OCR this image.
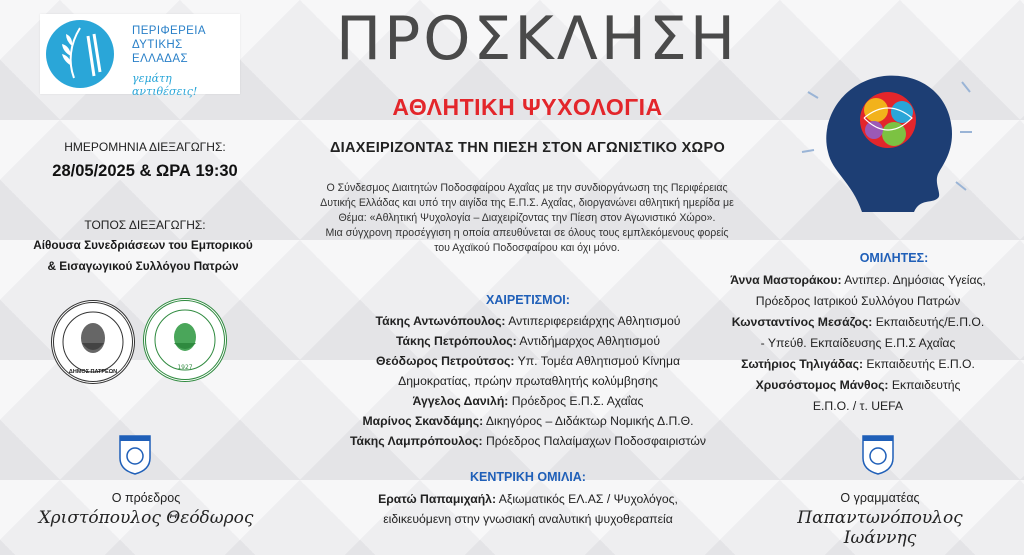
ΠΕΡΙΦΕΡΕΙΑ
ΔΥΤΙΚΗΣ
ΕΛΛΑΔΑΣ
γεμάτη αντιθέσεις!
ΠΡΟΣΚΛΗΣΗ
ΑΘΛΗΤΙΚΗ ΨΥΧΟΛΟΓΙΑ
ΔΙΑΧΕΙΡΙΖΟΝΤΑΣ ΤΗΝ ΠΙΕΣΗ ΣΤΟΝ ΑΓΩΝΙΣΤΙΚΟ ΧΩΡΟ
Ο Σύνδεσμος Διαιτητών Ποδοσφαίρου Αχαΐας με την συνδιοργάνωση της Περιφέρειας
Δυτικής Ελλάδας και υπό την αιγίδα της Ε.Π.Σ. Αχαΐας, διοργανώνει αθλητική ημερίδα με
Θέμα: «Αθλητική Ψυχολογία – Διαχειρίζοντας την Πίεση στον Αγωνιστικό Χώρο».
Μια σύγχρονη προσέγγιση η οποία απευθύνεται σε όλους τους εμπλεκόμενους φορείς
του Αχαϊκού Ποδοσφαίρου και όχι μόνο.
ΗΜΕΡΟΜΗΝΙΑ ΔΙΕΞΑΓΩΓΗΣ:
28/05/2025 & ΩΡΑ 19:30
ΤΟΠΟΣ ΔΙΕΞΑΓΩΓΗΣ:
Αίθουσα Συνεδριάσεων του Εμπορικού
& Εισαγωγικού Συλλόγου Πατρών
ΔΗΜΟΣ ΠΑΤΡΕΩΝ
1927
Ο πρόεδρος
Χριστόπουλος Θεόδωρος
Ο γραμματέας
Παπαντωνόπουλος Ιωάννης
ΧΑΙΡΕΤΙΣΜΟΙ:
Τάκης Αντωνόπουλος: Αντιπεριφερειάρχης Αθλητισμού
Τάκης Πετρόπουλος: Αντιδήμαρχος Αθλητισμού
Θεόδωρος Πετρούτσος: Υπ. Τομέα Αθλητισμού Κίνημα
Δημοκρατίας, πρώην πρωταθλητής κολύμβησης
Άγγελος Δανιλή: Πρόεδρος Ε.Π.Σ. Αχαΐας
Μαρίνος Σκανδάμης: Δικηγόρος – Διδάκτωρ Νομικής Δ.Π.Θ.
Τάκης Λαμπρόπουλος: Πρόεδρος Παλαίμαχων Ποδοσφαιριστών
ΚΕΝΤΡΙΚΗ ΟΜΙΛΙΑ:
Ερατώ Παπαμιχαήλ: Αξιωματικός ΕΛ.ΑΣ / Ψυχολόγος,
ειδικευόμενη στην γνωσιακή αναλυτική ψυχοθεραπεία
ΟΜΙΛΗΤΕΣ:
Άννα Μαστοράκου: Αντιπερ. Δημόσιας Υγείας,
Πρόεδρος Ιατρικού Συλλόγου Πατρών
Κωνσταντίνος Μεσάζος: Εκπαιδευτής/Ε.Π.Ο.
- Υπεύθ. Εκπαίδευσης Ε.Π.Σ Αχαΐας
Σωτήριος Τηλιγάδας: Εκπαιδευτής Ε.Π.Ο.
Χρυσόστομος Μάνθος: Εκπαιδευτής
Ε.Π.Ο. / τ. UEFA
